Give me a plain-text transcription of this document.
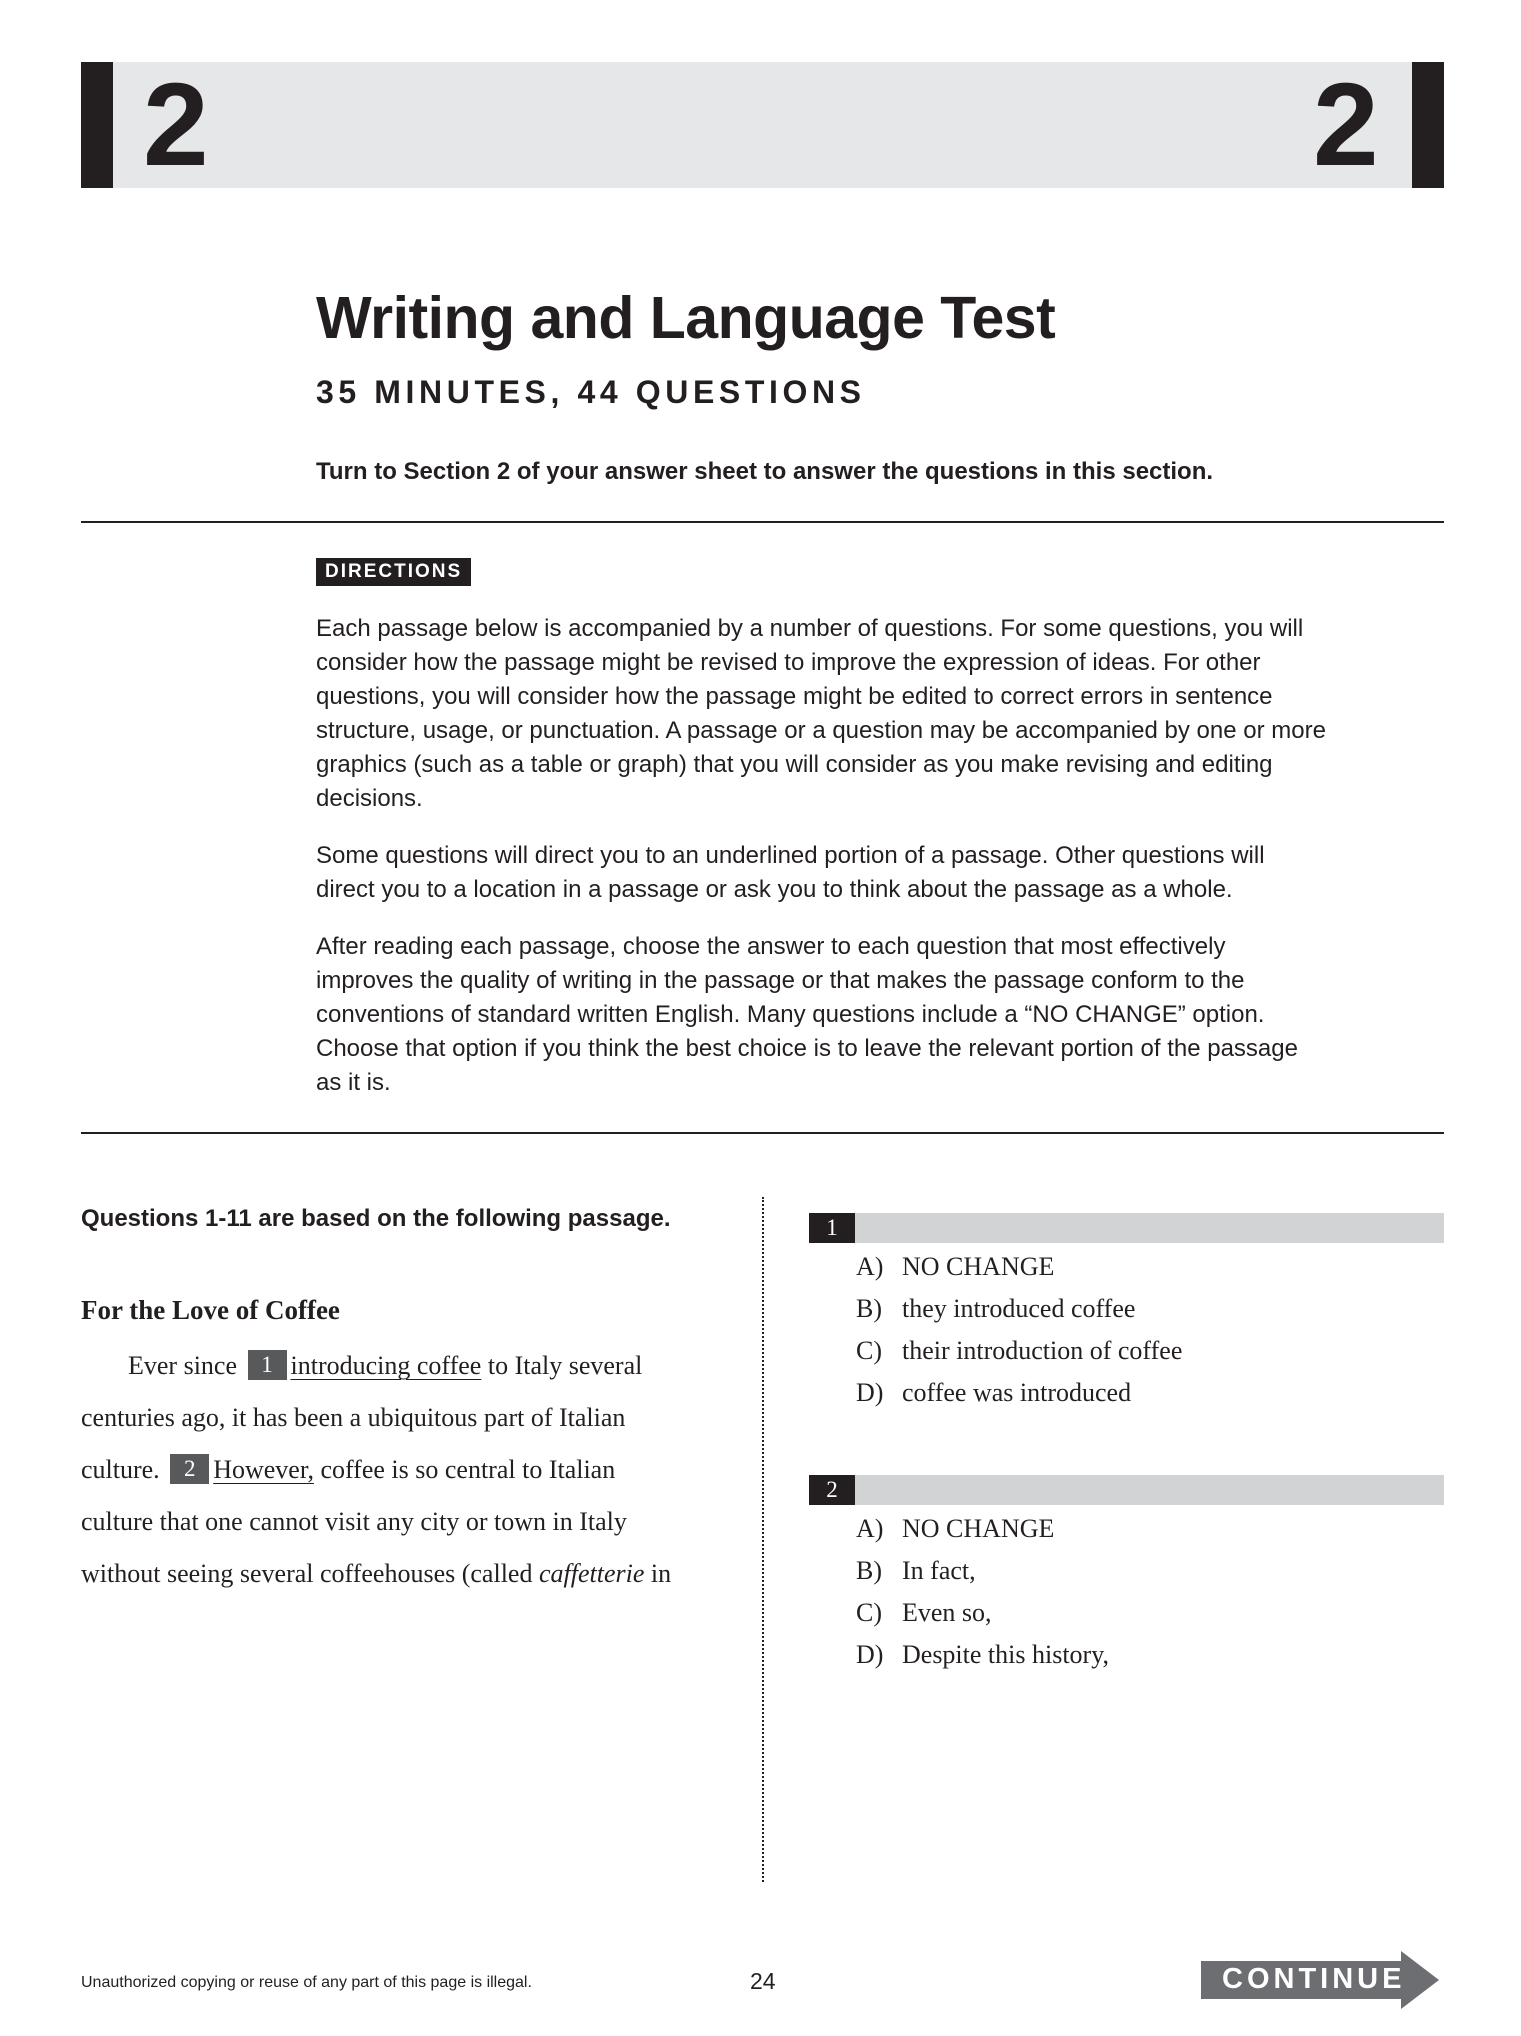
2	2
Writing and Language Test
35 MINUTES, 44 QUESTIONS
Turn to Section 2 of your answer sheet to answer the questions in this section.
DIRECTIONS

Each passage below is accompanied by a number of questions. For some questions, you will consider how the passage might be revised to improve the expression of ideas. For other questions, you will consider how the passage might be edited to correct errors in sentence structure, usage, or punctuation. A passage or a question may be accompanied by one or more graphics (such as a table or graph) that you will consider as you make revising and editing decisions.

Some questions will direct you to an underlined portion of a passage. Other questions will direct you to a location in a passage or ask you to think about the passage as a whole.

After reading each passage, choose the answer to each question that most effectively improves the quality of writing in the passage or that makes the passage conform to the conventions of standard written English. Many questions include a “NO CHANGE” option. Choose that option if you think the best choice is to leave the relevant portion of the passage as it is.

Questions 1-11 are based on the following passage.
For the Love of Coffee
Ever since 1 introducing coffee to Italy several
centuries ago, it has been a ubiquitous part of Italian
culture. 2 However, coffee is so central to Italian
culture that one cannot visit any city or town in Italy
without seeing several coffeehouses (called caffetterie in
1
A) NO CHANGE
B) they introduced coffee
C) their introduction of coffee
D) coffee was introduced
2
A) NO CHANGE
B) In fact,
C) Even so,
D) Despite this history,
Unauthorized copying or reuse of any part of this page is illegal.	24	CONTINUE
